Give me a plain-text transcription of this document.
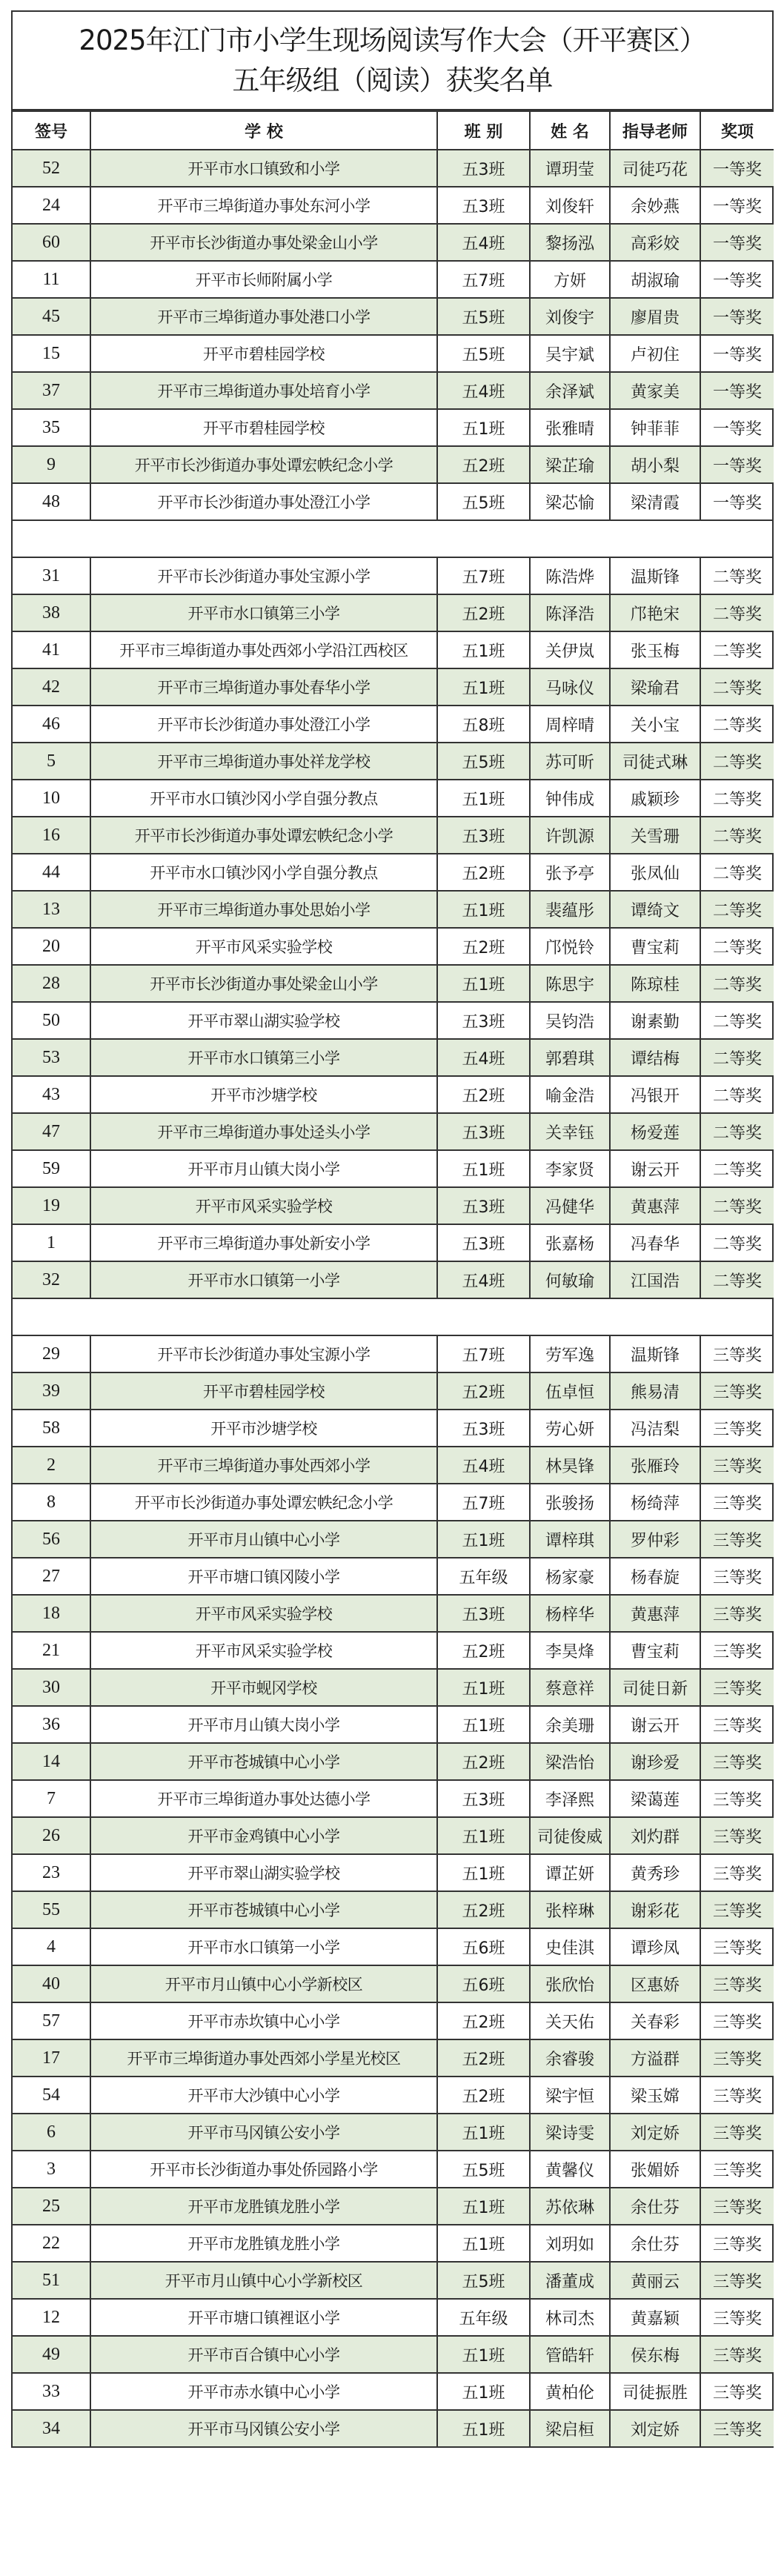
2025年江门市小学生现场阅读写作大会（开平赛区）
五年级组（阅读）获奖名单
签号	学 校	班 别	姓 名	指导老师	奖项
52	开平市水口镇致和小学	五3班	谭玥莹	司徒巧花	一等奖
24	开平市三埠街道办事处东河小学	五3班	刘俊轩	余妙燕	一等奖
60	开平市长沙街道办事处梁金山小学	五4班	黎扬泓	高彩姣	一等奖
11	开平市长师附属小学	五7班	方妍	胡淑瑜	一等奖
45	开平市三埠街道办事处港口小学	五5班	刘俊宇	廖眉贵	一等奖
15	开平市碧桂园学校	五5班	吴宇斌	卢初住	一等奖
37	开平市三埠街道办事处培育小学	五4班	余泽斌	黄家美	一等奖
35	开平市碧桂园学校	五1班	张雅晴	钟菲菲	一等奖
9	开平市长沙街道办事处谭宏帙纪念小学	五2班	梁芷瑜	胡小梨	一等奖
48	开平市长沙街道办事处澄江小学	五5班	梁芯愉	梁清霞	一等奖

31	开平市长沙街道办事处宝源小学	五7班	陈浩烨	温斯锋	二等奖
38	开平市水口镇第三小学	五2班	陈泽浩	邝艳宋	二等奖
41	开平市三埠街道办事处西郊小学沿江西校区	五1班	关伊岚	张玉梅	二等奖
42	开平市三埠街道办事处春华小学	五1班	马咏仪	梁瑜君	二等奖
46	开平市长沙街道办事处澄江小学	五8班	周梓晴	关小宝	二等奖
5	开平市三埠街道办事处祥龙学校	五5班	苏可昕	司徒式琳	二等奖
10	开平市水口镇沙冈小学自强分教点	五1班	钟伟成	戚颖珍	二等奖
16	开平市长沙街道办事处谭宏帙纪念小学	五3班	许凯源	关雪珊	二等奖
44	开平市水口镇沙冈小学自强分教点	五2班	张予亭	张凤仙	二等奖
13	开平市三埠街道办事处思始小学	五1班	裴蕴彤	谭绮文	二等奖
20	开平市风采实验学校	五2班	邝悦铃	曹宝莉	二等奖
28	开平市长沙街道办事处梁金山小学	五1班	陈思宇	陈琼桂	二等奖
50	开平市翠山湖实验学校	五3班	吴钧浩	谢素勤	二等奖
53	开平市水口镇第三小学	五4班	郭碧琪	谭结梅	二等奖
43	开平市沙塘学校	五2班	喻金浩	冯银开	二等奖
47	开平市三埠街道办事处迳头小学	五3班	关幸钰	杨爱莲	二等奖
59	开平市月山镇大岗小学	五1班	李家贤	谢云开	二等奖
19	开平市风采实验学校	五3班	冯健华	黄惠萍	二等奖
1	开平市三埠街道办事处新安小学	五3班	张嘉杨	冯春华	二等奖
32	开平市水口镇第一小学	五4班	何敏瑜	江国浩	二等奖

29	开平市长沙街道办事处宝源小学	五7班	劳军逸	温斯锋	三等奖
39	开平市碧桂园学校	五2班	伍卓恒	熊易清	三等奖
58	开平市沙塘学校	五3班	劳心妍	冯洁梨	三等奖
2	开平市三埠街道办事处西郊小学	五4班	林昊锋	张雁玲	三等奖
8	开平市长沙街道办事处谭宏帙纪念小学	五7班	张骏扬	杨绮萍	三等奖
56	开平市月山镇中心小学	五1班	谭梓琪	罗仲彩	三等奖
27	开平市塘口镇冈陵小学	五年级	杨家豪	杨春旋	三等奖
18	开平市风采实验学校	五3班	杨梓华	黄惠萍	三等奖
21	开平市风采实验学校	五2班	李昊烽	曹宝莉	三等奖
30	开平市蚬冈学校	五1班	蔡意祥	司徒日新	三等奖
36	开平市月山镇大岗小学	五1班	余美珊	谢云开	三等奖
14	开平市苍城镇中心小学	五2班	梁浩怡	谢珍爱	三等奖
7	开平市三埠街道办事处达德小学	五3班	李泽熙	梁蔼莲	三等奖
26	开平市金鸡镇中心小学	五1班	司徒俊威	刘灼群	三等奖
23	开平市翠山湖实验学校	五1班	谭芷妍	黄秀珍	三等奖
55	开平市苍城镇中心小学	五2班	张梓琳	谢彩花	三等奖
4	开平市水口镇第一小学	五6班	史佳淇	谭珍凤	三等奖
40	开平市月山镇中心小学新校区	五6班	张欣怡	区惠娇	三等奖
57	开平市赤坎镇中心小学	五2班	关天佑	关春彩	三等奖
17	开平市三埠街道办事处西郊小学星光校区	五2班	余睿骏	方溢群	三等奖
54	开平市大沙镇中心小学	五2班	梁宇恒	梁玉嫦	三等奖
6	开平市马冈镇公安小学	五1班	梁诗雯	刘定娇	三等奖
3	开平市长沙街道办事处侨园路小学	五5班	黄馨仪	张媚娇	三等奖
25	开平市龙胜镇龙胜小学	五1班	苏依琳	余仕芬	三等奖
22	开平市龙胜镇龙胜小学	五1班	刘玥如	余仕芬	三等奖
51	开平市月山镇中心小学新校区	五5班	潘董成	黄丽云	三等奖
12	开平市塘口镇裡讴小学	五年级	林司杰	黄嘉颖	三等奖
49	开平市百合镇中心小学	五1班	管皓轩	侯东梅	三等奖
33	开平市赤水镇中心小学	五1班	黄柏伦	司徒振胜	三等奖
34	开平市马冈镇公安小学	五1班	梁启桓	刘定娇	三等奖
